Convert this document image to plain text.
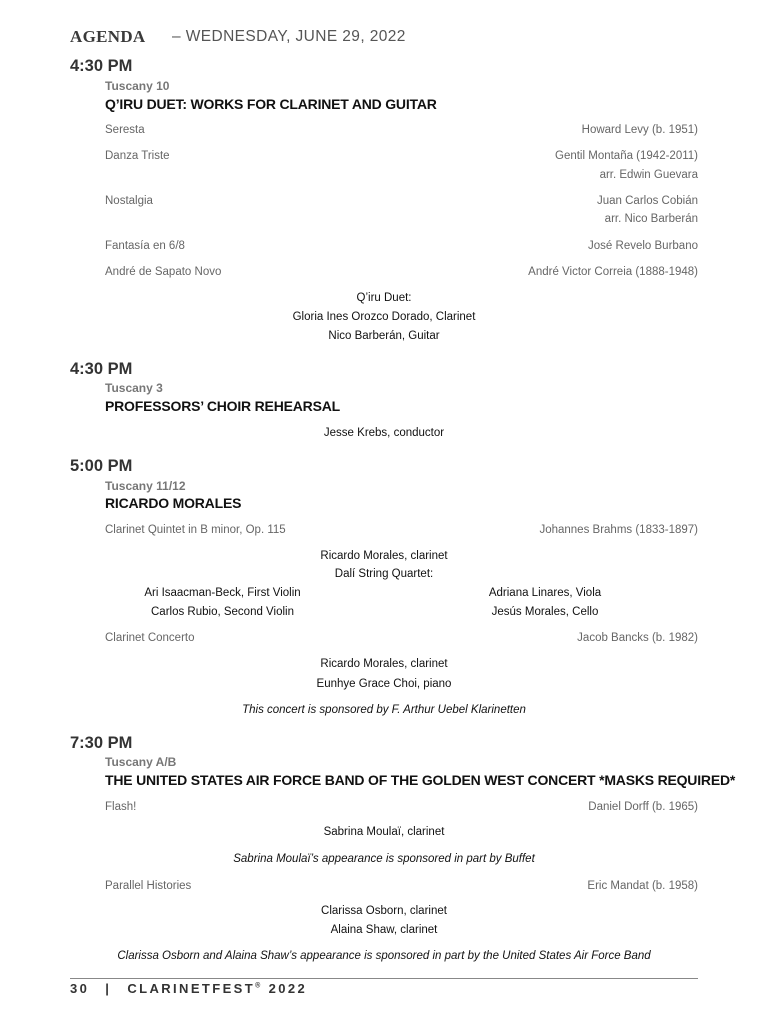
AGENDA – WEDNESDAY, JUNE 29, 2022
4:30 PM
Tuscany 10
Q’IRU DUET: WORKS FOR CLARINET AND GUITAR
Seresta	Howard Levy (b. 1951)
Danza Triste	Gentil Montaña (1942-2011)
arr. Edwin Guevara
Nostalgia	Juan Carlos Cobián
arr. Nico Barberán
Fantasía en 6/8	José Revelo Burbano
André de Sapato Novo	André Victor Correia (1888-1948)
Q’iru Duet:
Gloria Ines Orozco Dorado, Clarinet
Nico Barberán, Guitar
4:30 PM
Tuscany 3
PROFESSORS’ CHOIR REHEARSAL
Jesse Krebs, conductor
5:00 PM
Tuscany 11/12
RICARDO MORALES
Clarinet Quintet in B minor, Op. 115	Johannes Brahms (1833-1897)
Ricardo Morales, clarinet
Dalí String Quartet:
Ari Isaacman-Beck, First Violin
Carlos Rubio, Second Violin
Adriana Linares, Viola
Jesús Morales, Cello
Clarinet Concerto	Jacob Bancks (b. 1982)
Ricardo Morales, clarinet
Eunhye Grace Choi, piano
This concert is sponsored by F. Arthur Uebel Klarinetten
7:30 PM
Tuscany A/B
THE UNITED STATES AIR FORCE BAND OF THE GOLDEN WEST CONCERT *MASKS REQUIRED*
Flash!	Daniel Dorff (b. 1965)
Sabrina Moulaï, clarinet
Sabrina Moulaï’s appearance is sponsored in part by Buffet
Parallel Histories	Eric Mandat (b. 1958)
Clarissa Osborn, clarinet
Alaina Shaw, clarinet
Clarissa Osborn and Alaina Shaw’s appearance is sponsored in part by the United States Air Force Band
30 | CLARINETFEST® 2022
